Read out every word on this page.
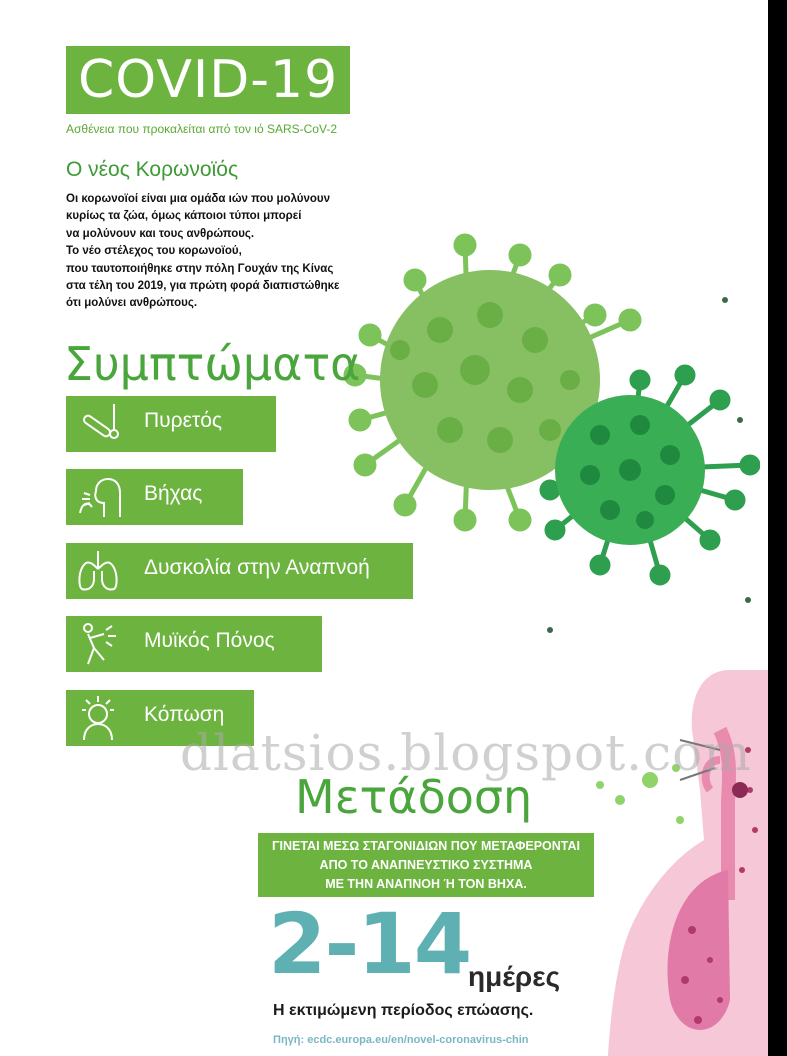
COVID-19
Ασθένεια που προκαλείται από τον ιό SARS-CoV-2
Ο νέος Κορωνοϊός
Οι κορωνοϊοί είναι μια ομάδα ιών που μολύνουν
κυρίως τα ζώα, όμως κάποιοι τύποι μπορεί
να μολύνουν και τους ανθρώπους.
Το νέο στέλεχος του κορωνοϊού,
που ταυτοποιήθηκε στην πόλη Γουχάν της Κίνας
στα τέλη του 2019, για πρώτη φορά διαπιστώθηκε
ότι μολύνει ανθρώπους.
Συμπτώματα
Πυρετός
Βήχας
Δυσκολία στην Αναπνοή
Μυϊκός Πόνος
Κόπωση
Μετάδοση
ΓΙΝΕΤΑΙ ΜΕΣΩ ΣΤΑΓΟΝΙΔΙΩΝ ΠΟΥ ΜΕΤΑΦΕΡΟΝΤΑΙ
ΑΠΟ ΤΟ ΑΝΑΠΝΕΥΣΤΙΚΟ ΣΥΣΤΗΜΑ
ΜΕ ΤΗΝ ΑΝΑΠΝΟΗ Ή ΤΟΝ ΒΗΧΑ.
2-14
ημέρες
Η εκτιμώμενη περίοδος επώασης.
Πηγή: ecdc.europa.eu/en/novel-coronavirus-chin
dlatsios.blogspot.com
